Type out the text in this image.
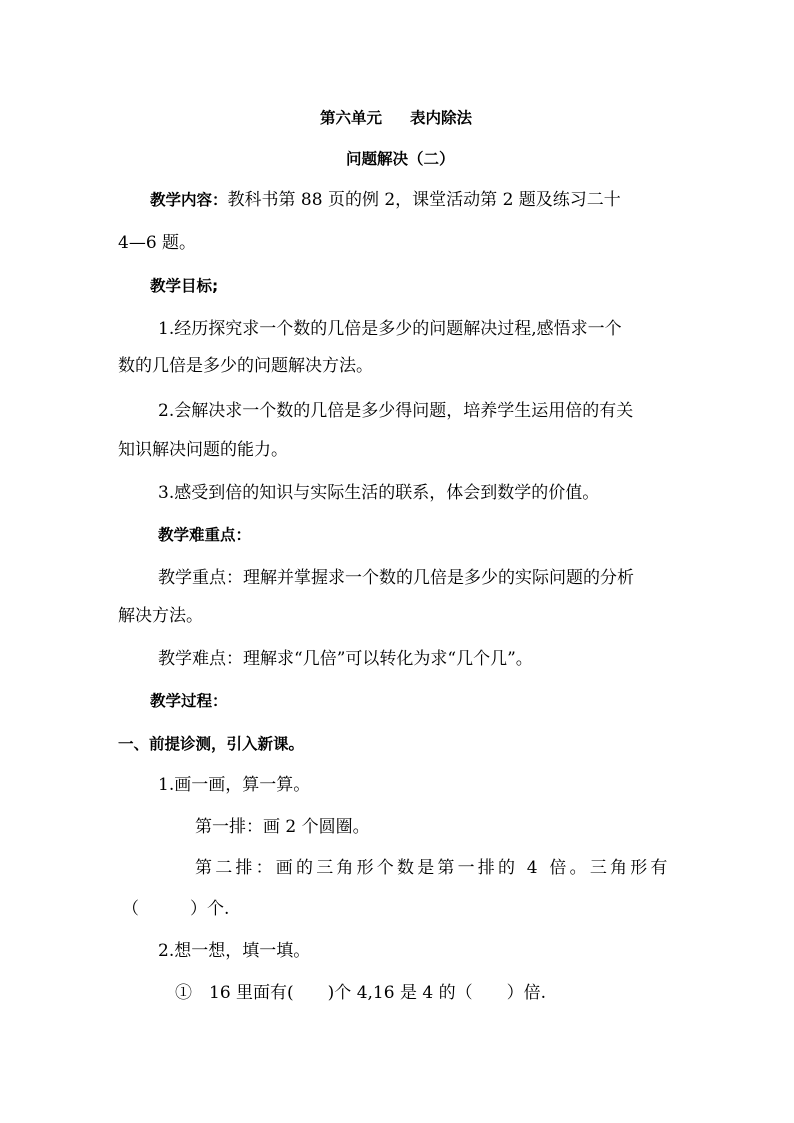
第六单元 表内除法
问题解决（二）
教学内容：教科书第 88 页的例 2，课堂活动第 2 题及练习二十
4—6 题。
教学目标;
1.经历探究求一个数的几倍是多少的问题解决过程,感悟求一个
数的几倍是多少的问题解决方法。
2.会解决求一个数的几倍是多少得问题，培养学生运用倍的有关
知识解决问题的能力。
3.感受到倍的知识与实际生活的联系，体会到数学的价值。
教学难重点：
教学重点：理解并掌握求一个数的几倍是多少的实际问题的分析
解决方法。
教学难点：理解求“几倍”可以转化为求“几个几”。
教学过程：
一、前提诊测，引入新课。
1.画一画，算一算。
第一排：画 2 个圆圈。
第二排：画的三角形个数是第一排的 4 倍。三角形有
（　　　）个.
2.想一想，填一填。
①　16 里面有(　　)个 4,16 是 4 的（　　）倍.
